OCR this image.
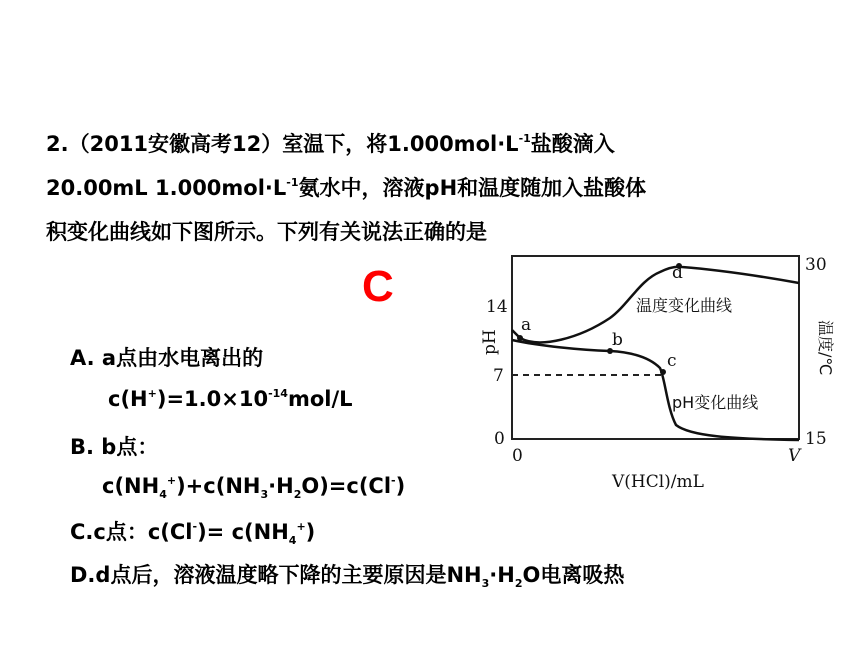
2.（2011安徽高考12）室温下，将$1.000mol\cdot L^{-1}$盐酸滴入
20.00mL $1.000mol\cdot L^{-1}$氨水中，溶液pH和温度随加入盐酸体
积变化曲线如下图所示。下列有关说法正确的是
C
A. a点由水电离出的
$c(H^+)=1.0\times 10^{-14}mol/L$
B. b点：
$c(NH_4^+)+c(NH_3\cdot H_2O)=c(Cl^-)$
C.c点：$c(Cl^-)= c(NH_4^+)$
D.d点后，溶液温度略下降的主要原因是$NH_3\cdot H_2O$电离吸热
a
b
c
d
温度变化曲线
pH变化曲线
14
7
0
pH
30
15
温度/℃
0	V
V(HCl)/mL
